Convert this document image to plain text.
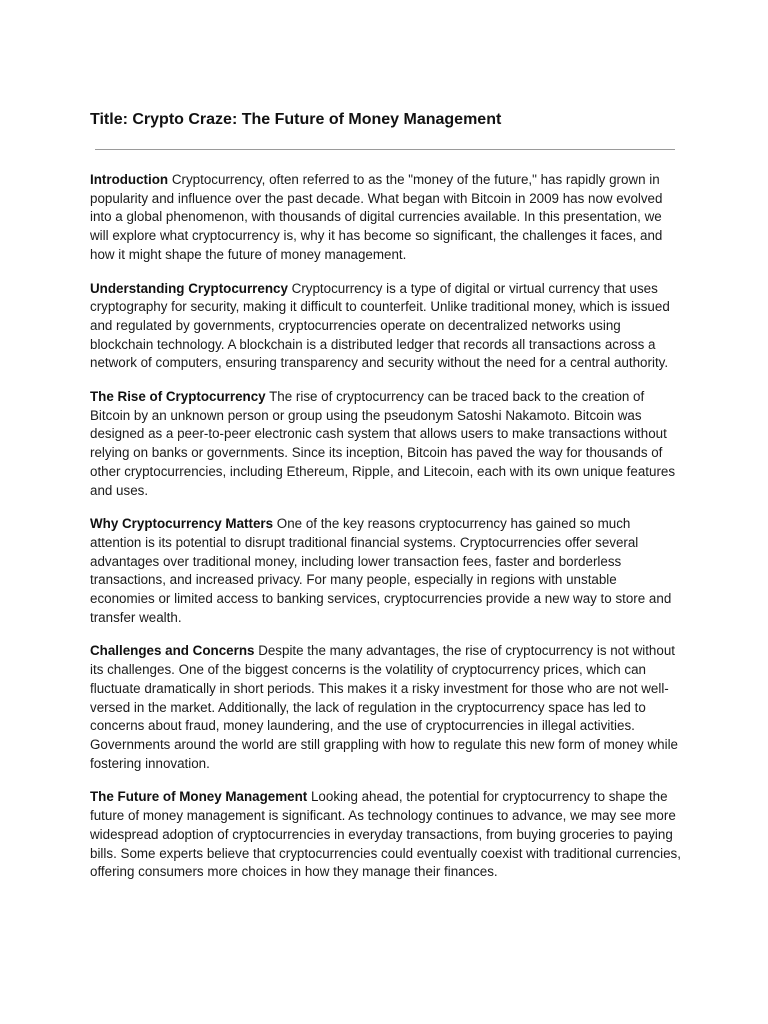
Title: Crypto Craze: The Future of Money Management

Introduction Cryptocurrency, often referred to as the "money of the future," has rapidly grown in popularity and influence over the past decade. What began with Bitcoin in 2009 has now evolved into a global phenomenon, with thousands of digital currencies available. In this presentation, we will explore what cryptocurrency is, why it has become so significant, the challenges it faces, and how it might shape the future of money management.

Understanding Cryptocurrency Cryptocurrency is a type of digital or virtual currency that uses cryptography for security, making it difficult to counterfeit. Unlike traditional money, which is issued and regulated by governments, cryptocurrencies operate on decentralized networks using blockchain technology. A blockchain is a distributed ledger that records all transactions across a network of computers, ensuring transparency and security without the need for a central authority.

The Rise of Cryptocurrency The rise of cryptocurrency can be traced back to the creation of Bitcoin by an unknown person or group using the pseudonym Satoshi Nakamoto. Bitcoin was designed as a peer-to-peer electronic cash system that allows users to make transactions without relying on banks or governments. Since its inception, Bitcoin has paved the way for thousands of other cryptocurrencies, including Ethereum, Ripple, and Litecoin, each with its own unique features and uses.

Why Cryptocurrency Matters One of the key reasons cryptocurrency has gained so much attention is its potential to disrupt traditional financial systems. Cryptocurrencies offer several advantages over traditional money, including lower transaction fees, faster and borderless transactions, and increased privacy. For many people, especially in regions with unstable economies or limited access to banking services, cryptocurrencies provide a new way to store and transfer wealth.

Challenges and Concerns Despite the many advantages, the rise of cryptocurrency is not without its challenges. One of the biggest concerns is the volatility of cryptocurrency prices, which can fluctuate dramatically in short periods. This makes it a risky investment for those who are not well-versed in the market. Additionally, the lack of regulation in the cryptocurrency space has led to concerns about fraud, money laundering, and the use of cryptocurrencies in illegal activities. Governments around the world are still grappling with how to regulate this new form of money while fostering innovation.

The Future of Money Management Looking ahead, the potential for cryptocurrency to shape the future of money management is significant. As technology continues to advance, we may see more widespread adoption of cryptocurrencies in everyday transactions, from buying groceries to paying bills. Some experts believe that cryptocurrencies could eventually coexist with traditional currencies, offering consumers more choices in how they manage their finances.
